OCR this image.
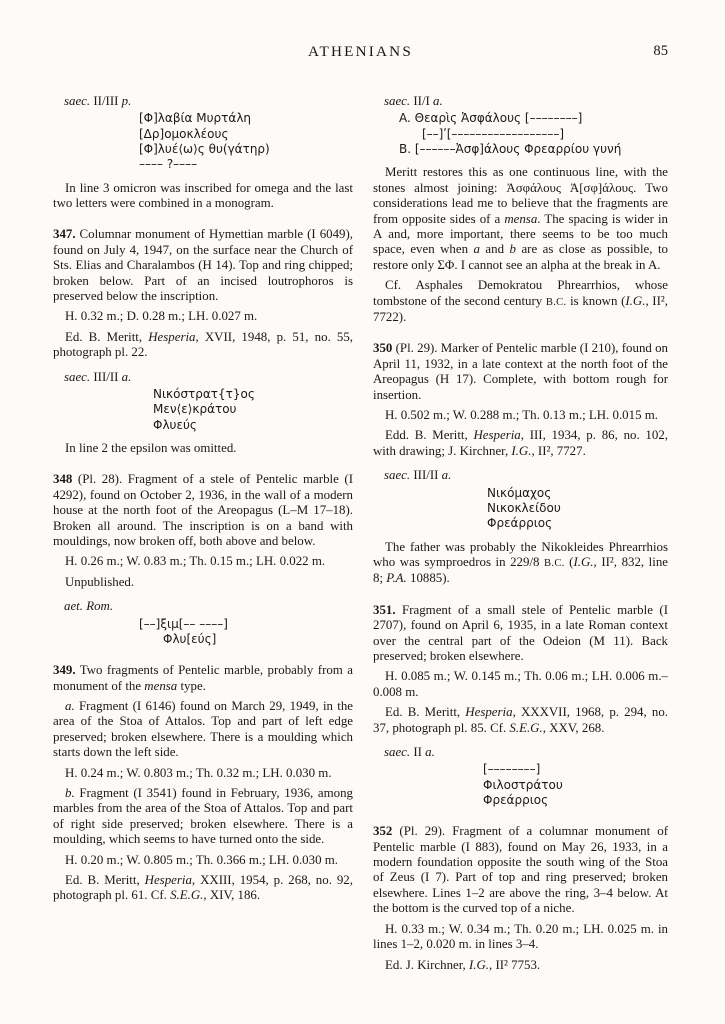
ATHENIANS	85
saec. II/III p.
[Φ]λαβία Μυρτάλη
[Δρ]ομοκλέους
[Φ]λυέ⟨ω⟩ς θυ(γάτηρ)
–––– ?––––
In line 3 omicron was inscribed for omega and the last two letters were combined in a monogram.
347. Columnar monument of Hymettian marble (I 6049), found on July 4, 1947, on the surface near the Church of Sts. Elias and Charalambos (H 14). Top and ring chipped; broken below. Part of an incised loutrophoros is preserved below the inscription.
H. 0.32 m.; D. 0.28 m.; LH. 0.027 m.
Ed. B. Meritt, Hesperia, XVII, 1948, p. 51, no. 55, photograph pl. 22.
saec. III/II a.
Νικόστρατ{τ}ος
Μεν⟨ε⟩κράτου
Φλυεύς
In line 2 the epsilon was omitted.
348 (Pl. 28). Fragment of a stele of Pentelic marble (I 4292), found on October 2, 1936, in the wall of a modern house at the north foot of the Areopagus (L–M 17–18). Broken all around. The inscription is on a band with mouldings, now broken off, both above and below.
H. 0.26 m.; W. 0.83 m.; Th. 0.15 m.; LH. 0.022 m.
Unpublished.
aet. Rom.
[––]ξιμ[–– ––––]
Φλυ[εύς]
349. Two fragments of Pentelic marble, probably from a monument of the mensa type.
a. Fragment (I 6146) found on March 29, 1949, in the area of the Stoa of Attalos. Top and part of left edge preserved; broken elsewhere. There is a moulding which starts down the left side.
H. 0.24 m.; W. 0.803 m.; Th. 0.32 m.; LH. 0.030 m.
b. Fragment (I 3541) found in February, 1936, among marbles from the area of the Stoa of Attalos. Top and part of right side preserved; broken elsewhere. There is a moulding, which seems to have turned onto the side.
H. 0.20 m.; W. 0.805 m.; Th. 0.366 m.; LH. 0.030 m.
Ed. B. Meritt, Hesperia, XXIII, 1954, p. 268, no. 92, photograph pl. 61. Cf. S.E.G., XIV, 186.
saec. II/I a.
A. Θεαρὶς Ἀσφάλους [––––––––]
[––]ʹ[––––––––––––––––––]
B. [––––––Ἀσφ]άλους Φρεαρρίου γυνή
Meritt restores this as one continuous line, with the stones almost joining: Ἀσφάλους Ἀ[σφ]άλους. Two considerations lead me to believe that the fragments are from opposite sides of a mensa. The spacing is wider in A and, more important, there seems to be too much space, even when a and b are as close as possible, to restore only ΣΦ. I cannot see an alpha at the break in A.
Cf. Asphales Demokratou Phrearrhios, whose tombstone of the second century B.C. is known (I.G., II², 7722).
350 (Pl. 29). Marker of Pentelic marble (I 210), found on April 11, 1932, in a late context at the north foot of the Areopagus (H 17). Complete, with bottom rough for insertion.
H. 0.502 m.; W. 0.288 m.; Th. 0.13 m.; LH. 0.015 m.
Edd. B. Meritt, Hesperia, III, 1934, p. 86, no. 102, with drawing; J. Kirchner, I.G., II², 7727.
saec. III/II a.
Νικόμαχος
Νικοκλείδου
Φρεάρριος
The father was probably the Nikokleides Phrearrhios who was symproedros in 229/8 B.C. (I.G., II², 832, line 8; P.A. 10885).
351. Fragment of a small stele of Pentelic marble (I 2707), found on April 6, 1935, in a late Roman context over the central part of the Odeion (M 11). Back preserved; broken elsewhere.
H. 0.085 m.; W. 0.145 m.; Th. 0.06 m.; LH. 0.006 m.–0.008 m.
Ed. B. Meritt, Hesperia, XXXVII, 1968, p. 294, no. 37, photograph pl. 85. Cf. S.E.G., XXV, 268.
saec. II a.
[––––––––]
Φιλοστράτου
Φρεάρριος
352 (Pl. 29). Fragment of a columnar monument of Pentelic marble (I 883), found on May 26, 1933, in a modern foundation opposite the south wing of the Stoa of Zeus (I 7). Part of top and ring preserved; broken elsewhere. Lines 1–2 are above the ring, 3–4 below. At the bottom is the curved top of a niche.
H. 0.33 m.; W. 0.34 m.; Th. 0.20 m.; LH. 0.025 m. in lines 1–2, 0.020 m. in lines 3–4.
Ed. J. Kirchner, I.G., II² 7753.
